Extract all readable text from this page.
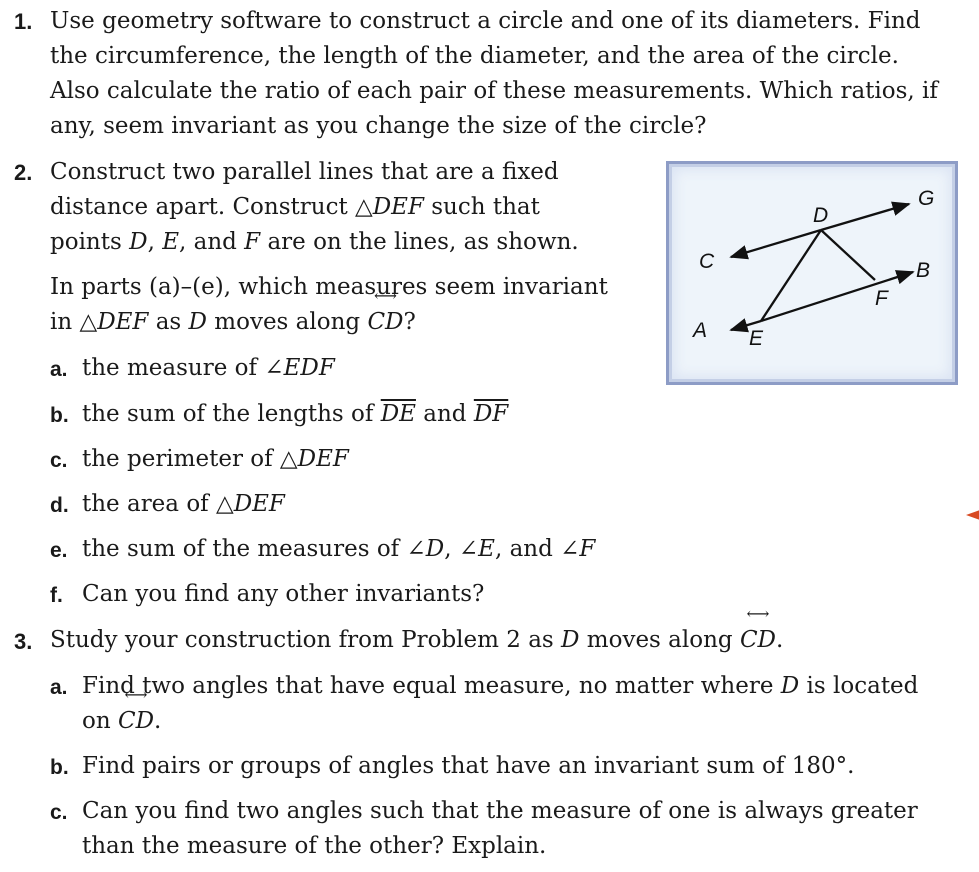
1. Use geometry software to construct a circle and one of its diameters. Find
the circumference, the length of the diameter, and the area of the circle.
Also calculate the ratio of each pair of these measurements. Which ratios, if
any, seem invariant as you change the size of the circle?
2. Construct two parallel lines that are a fixed
distance apart. Construct △DEF such that
points D, E, and F are on the lines, as shown.
In parts (a)–(e), which measures seem invariant
in △DEF as D moves along ⟷ CD?
a. the measure of ∠EDF
b. the sum of the lengths of $\overline{DE}$ and $\overline{DF}$
c. the perimeter of △DEF
d. the area of △DEF
e. the sum of the measures of ∠D, ∠E, and ∠F
f. Can you find any other invariants?
C
D
G
B
F
A E
3. Study your construction from Problem 2 as D moves along ⟷ CD.
a. Find two angles that have equal measure, no matter where D is located
on ⟷ CD.
b. Find pairs or groups of angles that have an invariant sum of 180°.
c. Can you find two angles such that the measure of one is always greater
than the measure of the other? Explain.
